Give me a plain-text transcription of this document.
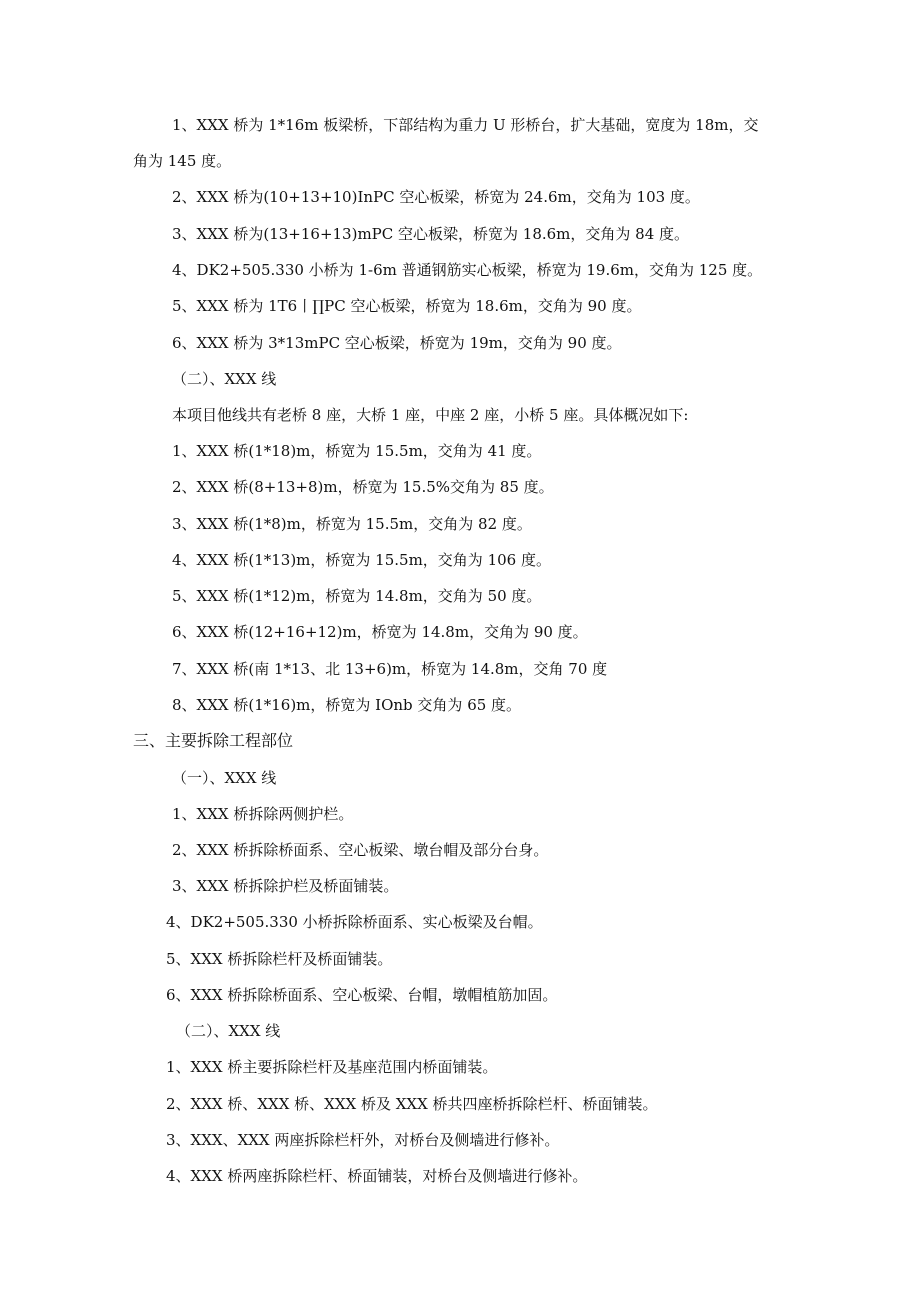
1、XXX 桥为 1*16m 板梁桥，下部结构为重力 U 形桥台，扩大基础，宽度为 18m，交
角为 145 度。
2、XXX 桥为(10+13+10)InPC 空心板梁，桥宽为 24.6m，交角为 103 度。
3、XXX 桥为(13+16+13)mPC 空心板梁，桥宽为 18.6m，交角为 84 度。
4、DK2+505.330 小桥为 1-6m 普通钢筋实心板梁，桥宽为 19.6m，交角为 125 度。
5、XXX 桥为 1T6丨∏PC 空心板梁，桥宽为 18.6m，交角为 90 度。
6、XXX 桥为 3*13mPC 空心板梁，桥宽为 19m，交角为 90 度。
（二）、XXX 线
本项目他线共有老桥 8 座，大桥 1 座，中座 2 座，小桥 5 座。具体概况如下:
1、XXX 桥(1*18)m，桥宽为 15.5m，交角为 41 度。
2、XXX 桥(8+13+8)m，桥宽为 15.5%交角为 85 度。
3、XXX 桥(1*8)m，桥宽为 15.5m，交角为 82 度。
4、XXX 桥(1*13)m，桥宽为 15.5m，交角为 106 度。
5、XXX 桥(1*12)m，桥宽为 14.8m，交角为 50 度。
6、XXX 桥(12+16+12)m，桥宽为 14.8m，交角为 90 度。
7、XXX 桥(南 1*13、北 13+6)m，桥宽为 14.8m，交角 70 度
8、XXX 桥(1*16)m，桥宽为 IOnb 交角为 65 度。
三、主要拆除工程部位
（一）、XXX 线
1、XXX 桥拆除两侧护栏。
2、XXX 桥拆除桥面系、空心板梁、墩台帽及部分台身。
3、XXX 桥拆除护栏及桥面铺装。
4、DK2+505.330 小桥拆除桥面系、实心板梁及台帽。
5、XXX 桥拆除栏杆及桥面铺装。
6、XXX 桥拆除桥面系、空心板梁、台帽，墩帽植筋加固。
（二）、XXX 线
1、XXX 桥主要拆除栏杆及基座范围内桥面铺装。
2、XXX 桥、XXX 桥、XXX 桥及 XXX 桥共四座桥拆除栏杆、桥面铺装。
3、XXX、XXX 两座拆除栏杆外，对桥台及侧墙进行修补。
4、XXX 桥两座拆除栏杆、桥面铺装，对桥台及侧墙进行修补。
